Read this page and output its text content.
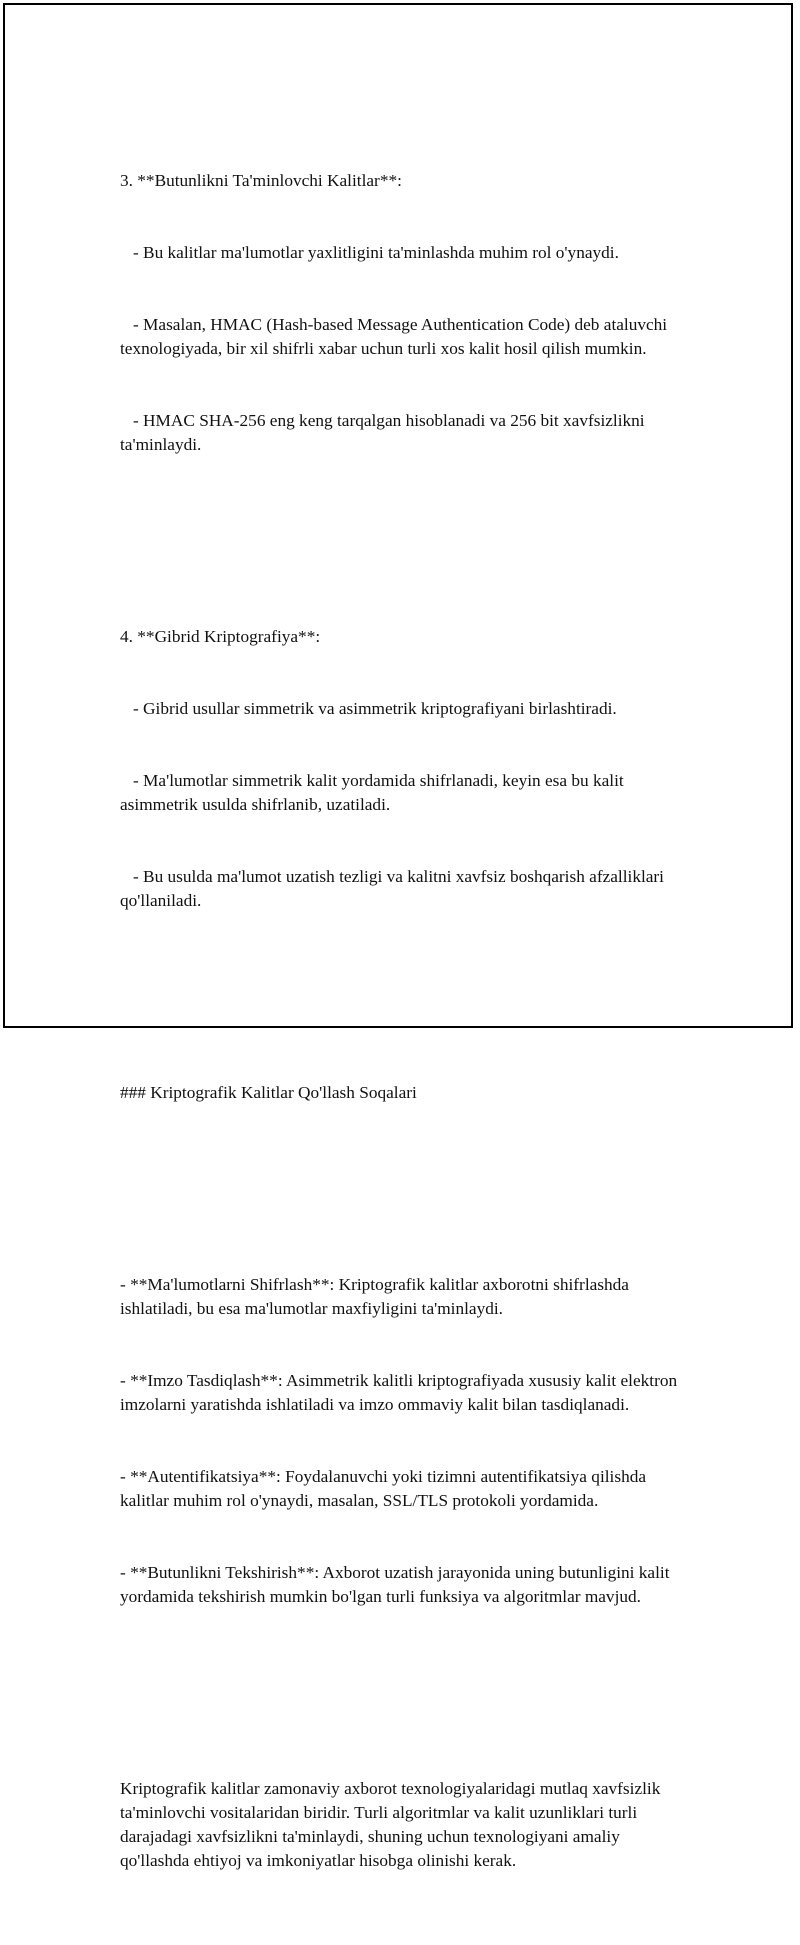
3. **Butunlikni Ta'minlovchi Kalitlar**:

- Bu kalitlar ma'lumotlar yaxlitligini ta'minlashda muhim rol o'ynaydi.

- Masalan, HMAC (Hash-based Message Authentication Code) deb ataluvchi texnologiyada, bir xil shifrli xabar uchun turli xos kalit hosil qilish mumkin.

- HMAC SHA-256 eng keng tarqalgan hisoblanadi va 256 bit xavfsizlikni ta'minlaydi.

4. **Gibrid Kriptografiya**:

- Gibrid usullar simmetrik va asimmetrik kriptografiyani birlashtiradi.

- Ma'lumotlar simmetrik kalit yordamida shifrlanadi, keyin esa bu kalit asimmetrik usulda shifrlanib, uzatiladi.

- Bu usulda ma'lumot uzatish tezligi va kalitni xavfsiz boshqarish afzalliklari qo'llaniladi.

### Kriptografik Kalitlar Qo'llash Soqalari

- **Ma'lumotlarni Shifrlash**: Kriptografik kalitlar axborotni shifrlashda ishlatiladi, bu esa ma'lumotlar maxfiyligini ta'minlaydi.

- **Imzo Tasdiqlash**: Asimmetrik kalitli kriptografiyada xususiy kalit elektron imzolarni yaratishda ishlatiladi va imzo ommaviy kalit bilan tasdiqlanadi.

- **Autentifikatsiya**: Foydalanuvchi yoki tizimni autentifikatsiya qilishda kalitlar muhim rol o'ynaydi, masalan, SSL/TLS protokoli yordamida.

- **Butunlikni Tekshirish**: Axborot uzatish jarayonida uning butunligini kalit yordamida tekshirish mumkin bo'lgan turli funksiya va algoritmlar mavjud.

Kriptografik kalitlar zamonaviy axborot texnologiyalaridagi mutlaq xavfsizlik ta'minlovchi vositalaridan biridir. Turli algoritmlar va kalit uzunliklari turli darajadagi xavfsizlikni ta'minlaydi, shuning uchun texnologiyani amaliy qo'llashda ehtiyoj va imkoniyatlar hisobga olinishi kerak.
